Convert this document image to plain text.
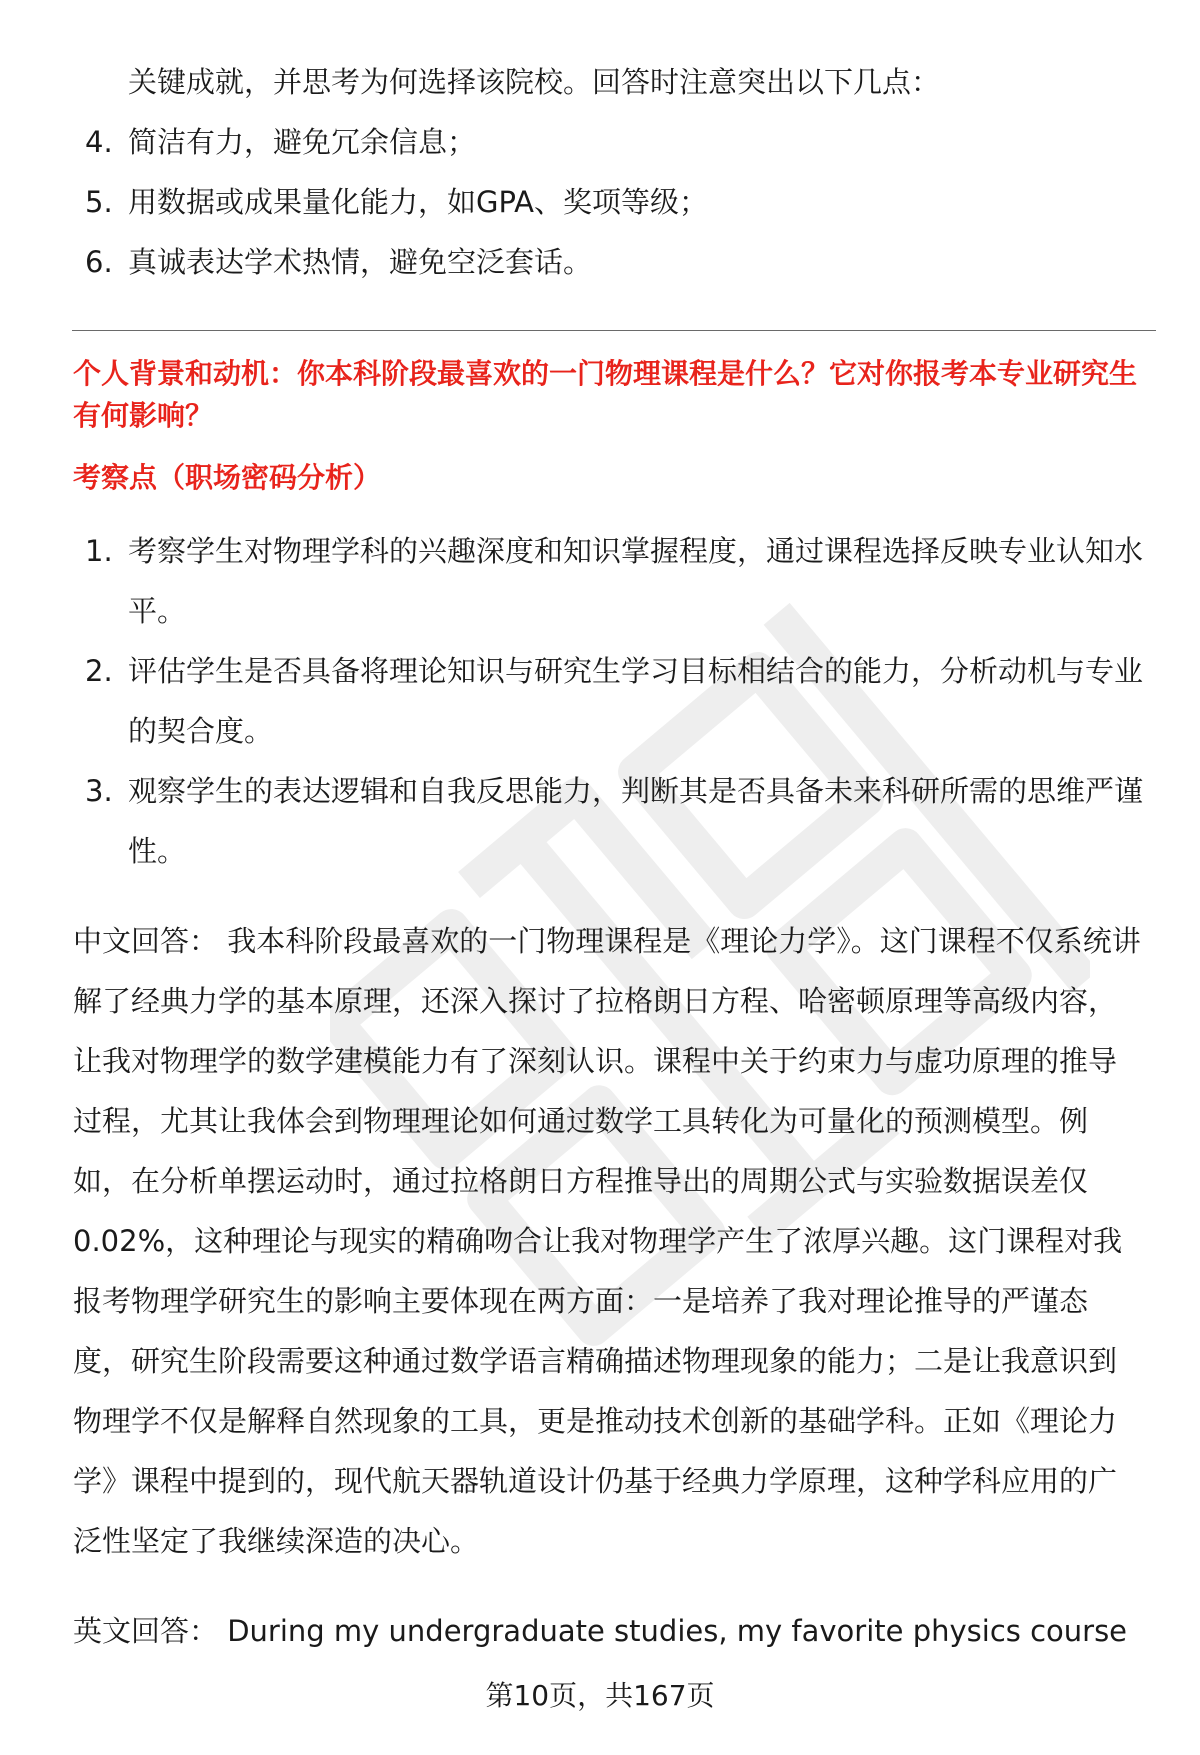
关键成就，并思考为何选择该院校。回答时注意突出以下几点：

4. 简洁有力，避免冗余信息；
5. 用数据或成果量化能力，如GPA、奖项等级；
6. 真诚表达学术热情，避免空泛套话。

个人背景和动机：你本科阶段最喜欢的一门物理课程是什么？它对你报考本专业研究生有何影响？

考察点（职场密码分析）

1. 考察学生对物理学科的兴趣深度和知识掌握程度，通过课程选择反映专业认知水平。
2. 评估学生是否具备将理论知识与研究生学习目标相结合的能力，分析动机与专业的契合度。
3. 观察学生的表达逻辑和自我反思能力，判断其是否具备未来科研所需的思维严谨性。

中文回答： 我本科阶段最喜欢的一门物理课程是《理论力学》。这门课程不仅系统讲解了经典力学的基本原理，还深入探讨了拉格朗日方程、哈密顿原理等高级内容，让我对物理学的数学建模能力有了深刻认识。课程中关于约束力与虚功原理的推导过程，尤其让我体会到物理理论如何通过数学工具转化为可量化的预测模型。例如，在分析单摆运动时，通过拉格朗日方程推导出的周期公式与实验数据误差仅0.02%，这种理论与现实的精确吻合让我对物理学产生了浓厚兴趣。这门课程对我报考物理学研究生的影响主要体现在两方面：一是培养了我对理论推导的严谨态度，研究生阶段需要这种通过数学语言精确描述物理现象的能力；二是让我意识到物理学不仅是解释自然现象的工具，更是推动技术创新的基础学科。正如《理论力学》课程中提到的，现代航天器轨道设计仍基于经典力学原理，这种学科应用的广泛性坚定了我继续深造的决心。

英文回答： During my undergraduate studies, my favorite physics course

第10页，共167页
